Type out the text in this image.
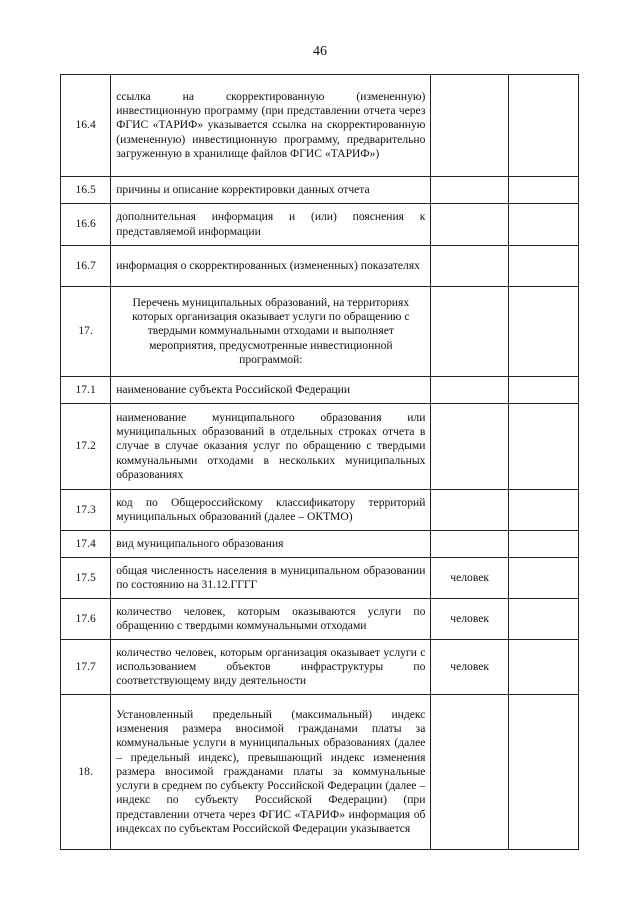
46
16.4	ссылка на скорректированную (измененную) инвестиционную программу (при представлении отчета через ФГИС «ТАРИФ» указывается ссылка на скорректированную (измененную) инвестиционную программу, предварительно загруженную в хранилище файлов ФГИС «ТАРИФ»)		
16.5	причины и описание корректировки данных отчета		
16.6	дополнительная информация и (или) пояснения к представляемой информации		
16.7	информация о скорректированных (измененных) показателях		
17.	Перечень муниципальных образований, на территориях которых организация оказывает услуги по обращению с твердыми коммунальными отходами и выполняет мероприятия, предусмотренные инвестиционной программой:		
17.1	наименование субъекта Российской Федерации		
17.2	наименование муниципального образования или муниципальных образований в отдельных строках отчета в случае в случае оказания услуг по обращению с твердыми коммунальными отходами в нескольких муниципальных образованиях		
17.3	код по Общероссийскому классификатору территорий муниципальных образований (далее – ОКТМО)		
17.4	вид муниципального образования		
17.5	общая численность населения в муниципальном образовании по состоянию на 31.12.ГГГГ	человек	
17.6	количество человек, которым оказываются услуги по обращению с твердыми коммунальными отходами	человек	
17.7	количество человек, которым организация оказывает услуги с использованием объектов инфраструктуры по соответствующему виду деятельности	человек	
18.	Установленный предельный (максимальный) индекс изменения размера вносимой гражданами платы за коммунальные услуги в муниципальных образованиях (далее – предельный индекс), превышающий индекс изменения размера вносимой гражданами платы за коммунальные услуги в среднем по субъекту Российской Федерации (далее – индекс по субъекту Российской Федерации) (при представлении отчета через ФГИС «ТАРИФ» информация об индексах по субъектам Российской Федерации указывается		
